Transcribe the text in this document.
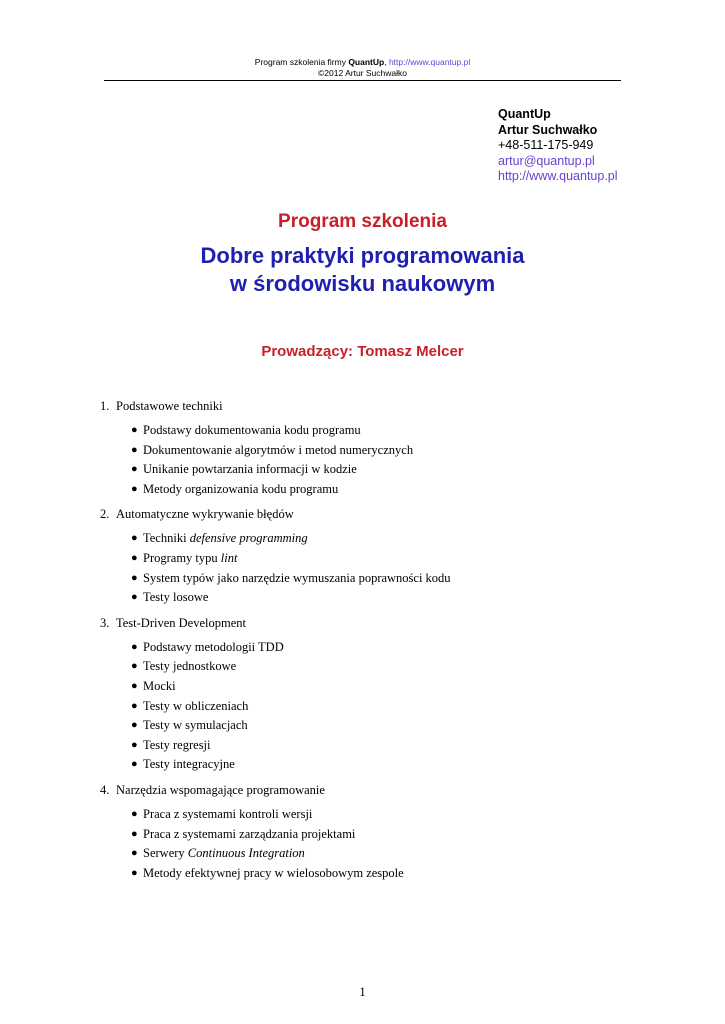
Program szkolenia firmy QuantUp, http://www.quantup.pl
©2012 Artur Suchwałko
QuantUp
Artur Suchwałko
+48-511-175-949
artur@quantup.pl
http://www.quantup.pl
Program szkolenia
Dobre praktyki programowania
w środowisku naukowym
Prowadzący: Tomasz Melcer
1. Podstawowe techniki
● Podstawy dokumentowania kodu programu
● Dokumentowanie algorytmów i metod numerycznych
● Unikanie powtarzania informacji w kodzie
● Metody organizowania kodu programu
2. Automatyczne wykrywanie błędów
● Techniki defensive programming
● Programy typu lint
● System typów jako narzędzie wymuszania poprawności kodu
● Testy losowe
3. Test-Driven Development
● Podstawy metodologii TDD
● Testy jednostkowe
● Mocki
● Testy w obliczeniach
● Testy w symulacjach
● Testy regresji
● Testy integracyjne
4. Narzędzia wspomagające programowanie
● Praca z systemami kontroli wersji
● Praca z systemami zarządzania projektami
● Serwery Continuous Integration
● Metody efektywnej pracy w wielosobowym zespole
1
